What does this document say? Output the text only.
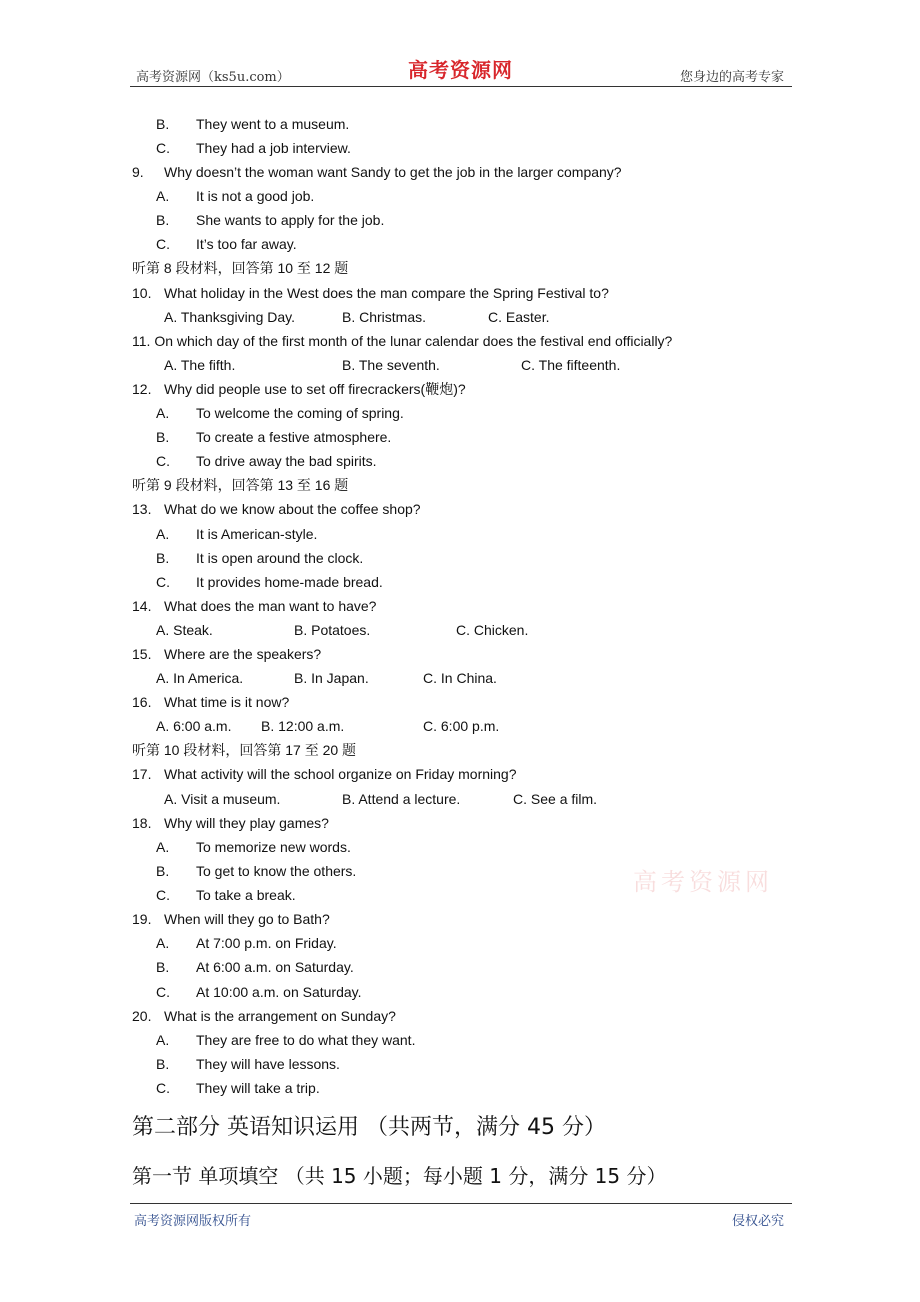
高考资源网（ks5u.com）	高考资源网	您身边的高考专家
B. They went to a museum.
C. They had a job interview.
9. Why doesn’t the woman want Sandy to get the job in the larger company?
A. It is not a good job.
B. She wants to apply for the job.
C. It’s too far away.
听第 8 段材料，回答第 10 至 12 题
10. What holiday in the West does the man compare the Spring Festival to?
A. Thanksgiving Day.	B. Christmas.	C. Easter.
11. On which day of the first month of the lunar calendar does the festival end officially?
A. The fifth.	B. The seventh.	C. The fifteenth.
12. Why did people use to set off firecrackers(鞭炮)?
A. To welcome the coming of spring.
B. To create a festive atmosphere.
C. To drive away the bad spirits.
听第 9 段材料，回答第 13 至 16 题
13. What do we know about the coffee shop?
A. It is American-style.
B. It is open around the clock.
C. It provides home-made bread.
14. What does the man want to have?
A. Steak.	B. Potatoes.	C. Chicken.
15. Where are the speakers?
A. In America.	B. In Japan.	C. In China.
16. What time is it now?
A. 6:00 a.m. B. 12:00 a.m.	C. 6:00 p.m.
听第 10 段材料，回答第 17 至 20 题
17. What activity will the school organize on Friday morning?
A. Visit a museum.	B. Attend a lecture.	C. See a film.
18. Why will they play games?
A. To memorize new words.
B. To get to know the others.
C. To take a break.
19. When will they go to Bath?
A. At 7:00 p.m. on Friday.
B. At 6:00 a.m. on Saturday.
C. At 10:00 a.m. on Saturday.
20. What is the arrangement on Sunday?
A. They are free to do what they want.
B. They will have lessons.
C. They will take a trip.
第二部分 英语知识运用 （共两节，满分 45 分）
第一节 单项填空 （共 15 小题；每小题 1 分，满分 15 分）
高考资源网
高考资源网版权所有	侵权必究
